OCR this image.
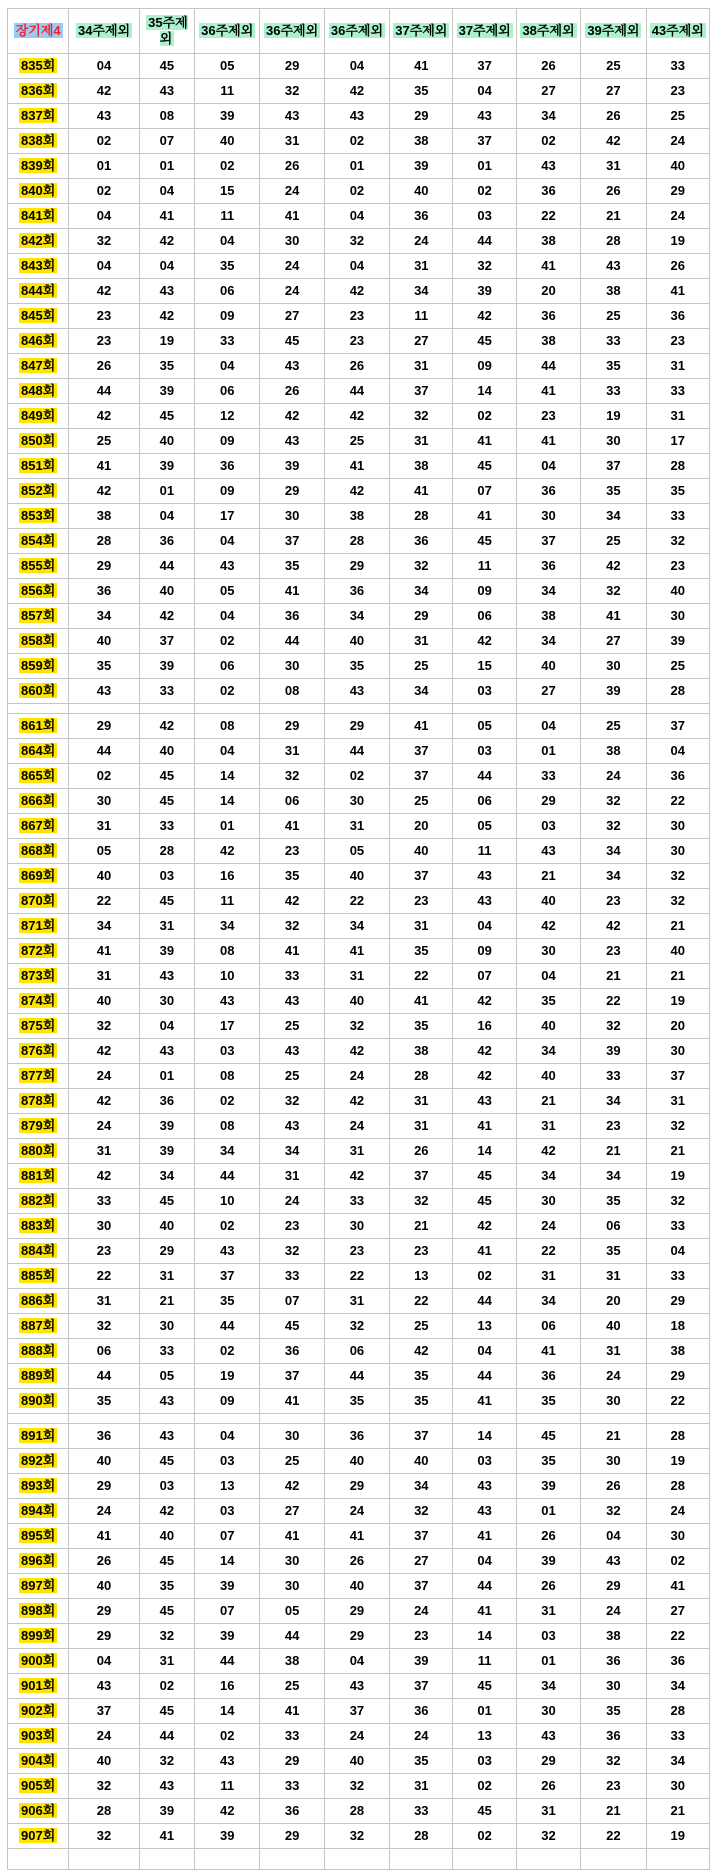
장기제4	34주제외	35주제외	36주제외	36주제외	36주제외	37주제외	37주제외	38주제외	39주제외	43주제외
835회	04	45	05	29	04	41	37	26	25	33
836회	42	43	11	32	42	35	04	27	27	23
837회	43	08	39	43	43	29	43	34	26	25
838회	02	07	40	31	02	38	37	02	42	24
839회	01	01	02	26	01	39	01	43	31	40
840회	02	04	15	24	02	40	02	36	26	29
841회	04	41	11	41	04	36	03	22	21	24
842회	32	42	04	30	32	24	44	38	28	19
843회	04	04	35	24	04	31	32	41	43	26
844회	42	43	06	24	42	34	39	20	38	41
845회	23	42	09	27	23	11	42	36	25	36
846회	23	19	33	45	23	27	45	38	33	23
847회	26	35	04	43	26	31	09	44	35	31
848회	44	39	06	26	44	37	14	41	33	33
849회	42	45	12	42	42	32	02	23	19	31
850회	25	40	09	43	25	31	41	41	30	17
851회	41	39	36	39	41	38	45	04	37	28
852회	42	01	09	29	42	41	07	36	35	35
853회	38	04	17	30	38	28	41	30	34	33
854회	28	36	04	37	28	36	45	37	25	32
855회	29	44	43	35	29	32	11	36	42	23
856회	36	40	05	41	36	34	09	34	32	40
857회	34	42	04	36	34	29	06	38	41	30
858회	40	37	02	44	40	31	42	34	27	39
859회	35	39	06	30	35	25	15	40	30	25
860회	43	33	02	08	43	34	03	27	39	28

861회	29	42	08	29	29	41	05	04	25	37
864회	44	40	04	31	44	37	03	01	38	04
865회	02	45	14	32	02	37	44	33	24	36
866회	30	45	14	06	30	25	06	29	32	22
867회	31	33	01	41	31	20	05	03	32	30
868회	05	28	42	23	05	40	11	43	34	30
869회	40	03	16	35	40	37	43	21	34	32
870회	22	45	11	42	22	23	43	40	23	32
871회	34	31	34	32	34	31	04	42	42	21
872회	41	39	08	41	41	35	09	30	23	40
873회	31	43	10	33	31	22	07	04	21	21
874회	40	30	43	43	40	41	42	35	22	19
875회	32	04	17	25	32	35	16	40	32	20
876회	42	43	03	43	42	38	42	34	39	30
877회	24	01	08	25	24	28	42	40	33	37
878회	42	36	02	32	42	31	43	21	34	31
879회	24	39	08	43	24	31	41	31	23	32
880회	31	39	34	34	31	26	14	42	21	21
881회	42	34	44	31	42	37	45	34	34	19
882회	33	45	10	24	33	32	45	30	35	32
883회	30	40	02	23	30	21	42	24	06	33
884회	23	29	43	32	23	23	41	22	35	04
885회	22	31	37	33	22	13	02	31	31	33
886회	31	21	35	07	31	22	44	34	20	29
887회	32	30	44	45	32	25	13	06	40	18
888회	06	33	02	36	06	42	04	41	31	38
889회	44	05	19	37	44	35	44	36	24	29
890회	35	43	09	41	35	35	41	35	30	22

891회	36	43	04	30	36	37	14	45	21	28
892회	40	45	03	25	40	40	03	35	30	19
893회	29	03	13	42	29	34	43	39	26	28
894회	24	42	03	27	24	32	43	01	32	24
895회	41	40	07	41	41	37	41	26	04	30
896회	26	45	14	30	26	27	04	39	43	02
897회	40	35	39	30	40	37	44	26	29	41
898회	29	45	07	05	29	24	41	31	24	27
899회	29	32	39	44	29	23	14	03	38	22
900회	04	31	44	38	04	39	11	01	36	36
901회	43	02	16	25	43	37	45	34	30	34
902회	37	45	14	41	37	36	01	30	35	28
903회	24	44	02	33	24	24	13	43	36	33
904회	40	32	43	29	40	35	03	29	32	34
905회	32	43	11	33	32	31	02	26	23	30
906회	28	39	42	36	28	33	45	31	21	21
907회	32	41	39	29	32	28	02	32	22	19
